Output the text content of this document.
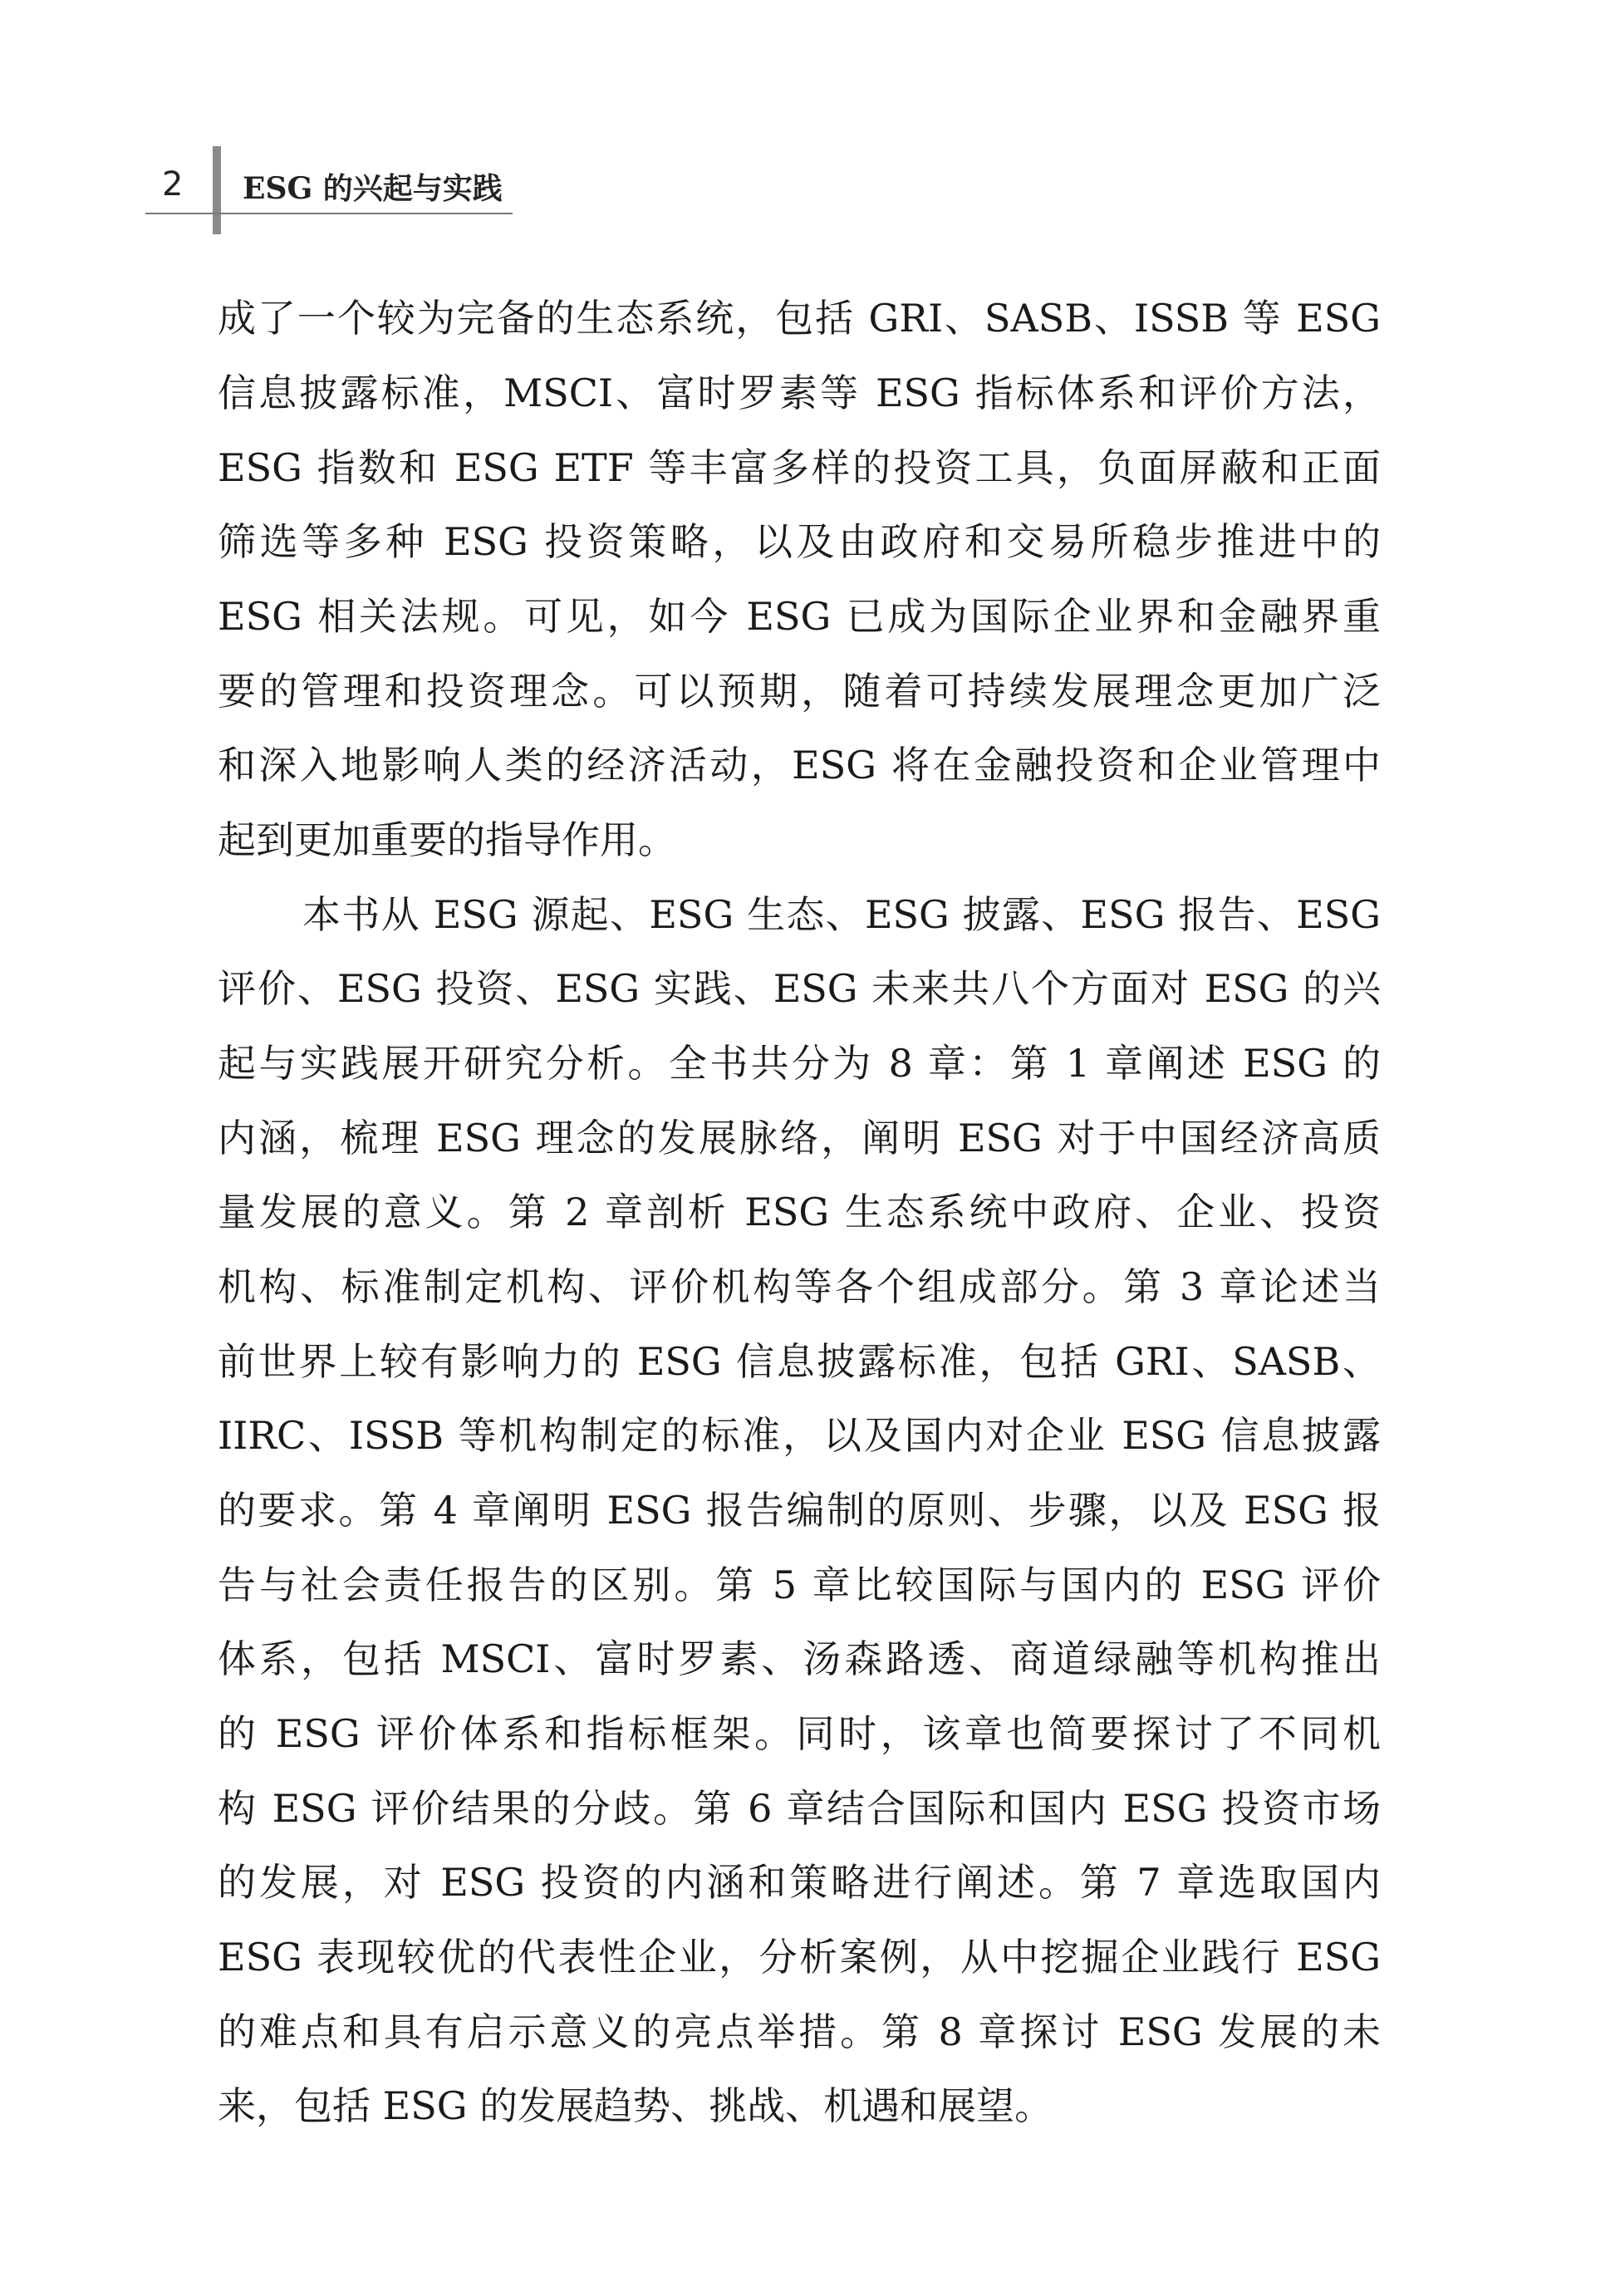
2 ESG 的兴起与实践
成了一个较为完备的生态系统，包括 GRI、SASB、ISSB 等 ESG
信息披露标准，MSCI、富时罗素等 ESG 指标体系和评价方法，
ESG 指数和 ESG ETF 等丰富多样的投资工具，负面屏蔽和正面
筛选等多种 ESG 投资策略，以及由政府和交易所稳步推进中的
ESG 相关法规。可见，如今 ESG 已成为国际企业界和金融界重
要的管理和投资理念。可以预期，随着可持续发展理念更加广泛
和深入地影响人类的经济活动，ESG 将在金融投资和企业管理中
起到更加重要的指导作用。
本书从 ESG 源起、ESG 生态、ESG 披露、ESG 报告、ESG
评价、ESG 投资、ESG 实践、ESG 未来共八个方面对 ESG 的兴
起与实践展开研究分析。全书共分为 8 章：第 1 章阐述 ESG 的
内涵，梳理 ESG 理念的发展脉络，阐明 ESG 对于中国经济高质
量发展的意义。第 2 章剖析 ESG 生态系统中政府、企业、投资
机构、标准制定机构、评价机构等各个组成部分。第 3 章论述当
前世界上较有影响力的 ESG 信息披露标准，包括 GRI、SASB、
IIRC、ISSB 等机构制定的标准，以及国内对企业 ESG 信息披露
的要求。第 4 章阐明 ESG 报告编制的原则、步骤，以及 ESG 报
告与社会责任报告的区别。第 5 章比较国际与国内的 ESG 评价
体系，包括 MSCI、富时罗素、汤森路透、商道绿融等机构推出
的 ESG 评价体系和指标框架。同时，该章也简要探讨了不同机
构 ESG 评价结果的分歧。第 6 章结合国际和国内 ESG 投资市场
的发展，对 ESG 投资的内涵和策略进行阐述。第 7 章选取国内
ESG 表现较优的代表性企业，分析案例，从中挖掘企业践行 ESG
的难点和具有启示意义的亮点举措。第 8 章探讨 ESG 发展的未
来，包括 ESG 的发展趋势、挑战、机遇和展望。
